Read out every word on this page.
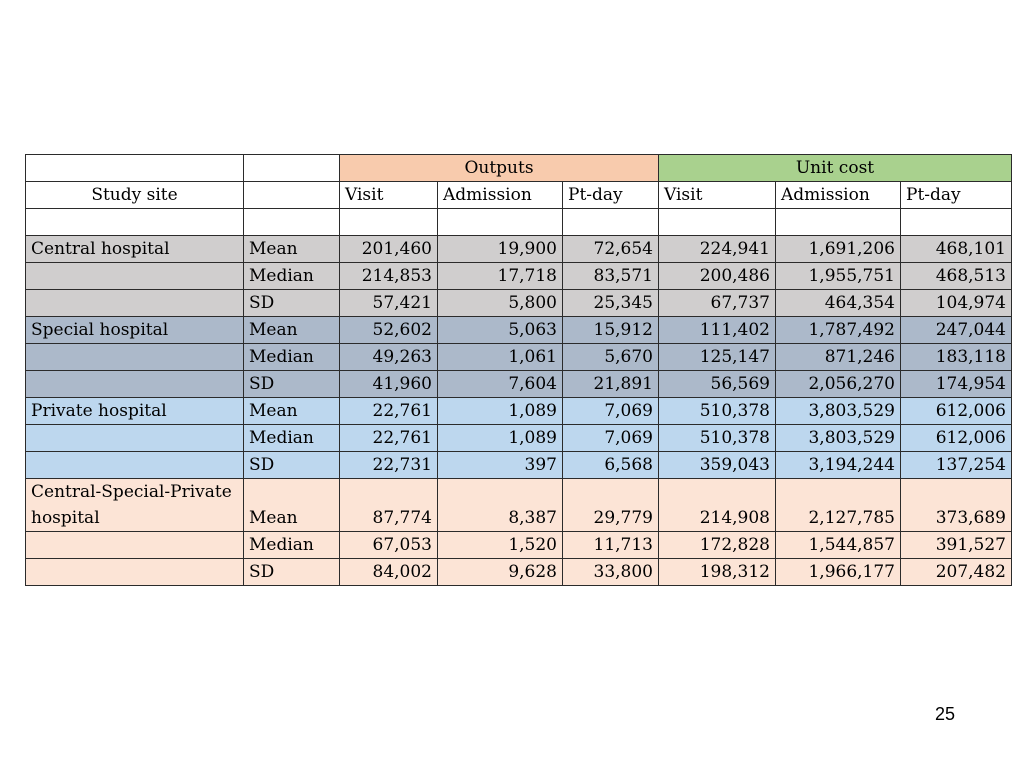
		Outputs			Unit cost		
Study site		Visit	Admission	Pt-day	Visit	Admission	Pt-day

Central hospital	Mean	201,460	19,900	72,654	224,941	1,691,206	468,101
	Median	214,853	17,718	83,571	200,486	1,955,751	468,513
	SD	57,421	5,800	25,345	67,737	464,354	104,974
Special hospital	Mean	52,602	5,063	15,912	111,402	1,787,492	247,044
	Median	49,263	1,061	5,670	125,147	871,246	183,118
	SD	41,960	7,604	21,891	56,569	2,056,270	174,954
Private hospital	Mean	22,761	1,089	7,069	510,378	3,803,529	612,006
	Median	22,761	1,089	7,069	510,378	3,803,529	612,006
	SD	22,731	397	6,568	359,043	3,194,244	137,254
Central-Special-Private hospital	Mean	87,774	8,387	29,779	214,908	2,127,785	373,689
	Median	67,053	1,520	11,713	172,828	1,544,857	391,527
	SD	84,002	9,628	33,800	198,312	1,966,177	207,482
25
